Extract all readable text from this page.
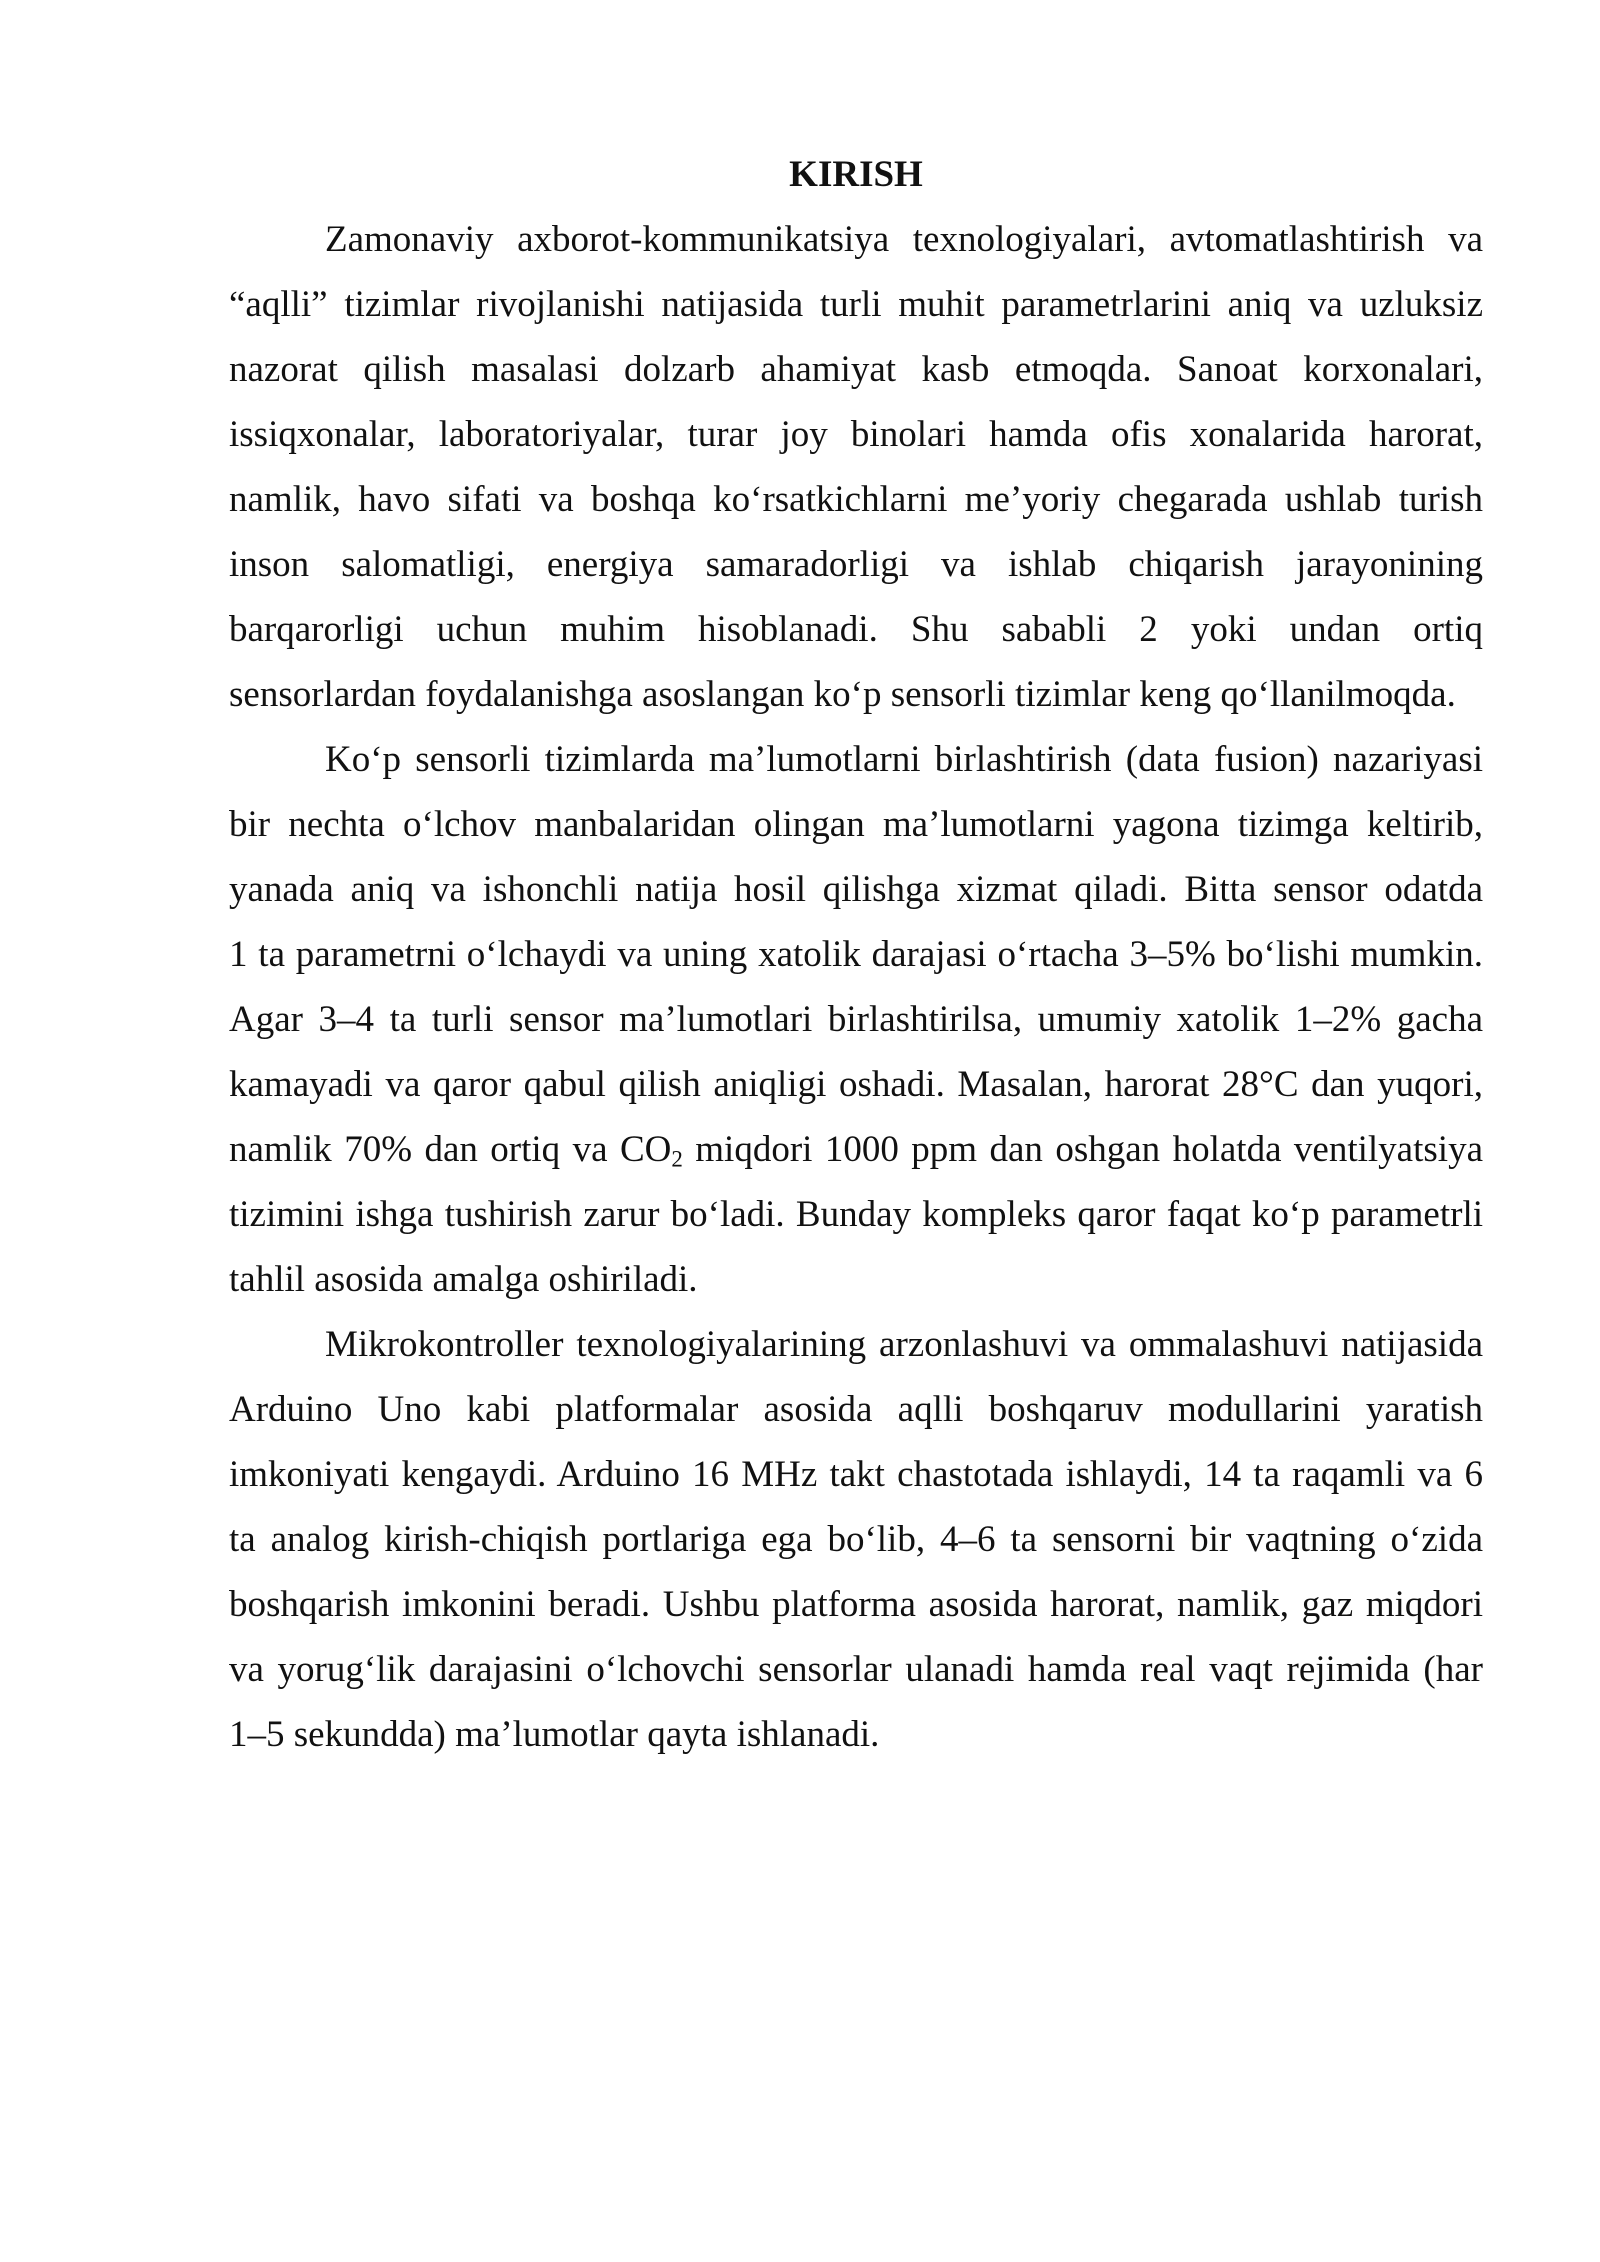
KIRISH
Zamonaviy axborot-kommunikatsiya texnologiyalari, avtomatlashtirish va
“aqlli” tizimlar rivojlanishi natijasida turli muhit parametrlarini aniq va uzluksiz
nazorat qilish masalasi dolzarb ahamiyat kasb etmoqda. Sanoat korxonalari,
issiqxonalar, laboratoriyalar, turar joy binolari hamda ofis xonalarida harorat,
namlik, havo sifati va boshqa ko‘rsatkichlarni me’yoriy chegarada ushlab turish
inson salomatligi, energiya samaradorligi va ishlab chiqarish jarayonining
barqarorligi uchun muhim hisoblanadi. Shu sababli 2 yoki undan ortiq
sensorlardan foydalanishga asoslangan ko‘p sensorli tizimlar keng qo‘llanilmoqda.
Ko‘p sensorli tizimlarda ma’lumotlarni birlashtirish (data fusion) nazariyasi
bir nechta o‘lchov manbalaridan olingan ma’lumotlarni yagona tizimga keltirib,
yanada aniq va ishonchli natija hosil qilishga xizmat qiladi. Bitta sensor odatda
1 ta parametrni o‘lchaydi va uning xatolik darajasi o‘rtacha 3–5% bo‘lishi mumkin.
Agar 3–4 ta turli sensor ma’lumotlari birlashtirilsa, umumiy xatolik 1–2% gacha
kamayadi va qaror qabul qilish aniqligi oshadi. Masalan, harorat 28°C dan yuqori,
namlik 70% dan ortiq va $CO_2$ miqdori 1000 ppm dan oshgan holatda ventilyatsiya
tizimini ishga tushirish zarur bo‘ladi. Bunday kompleks qaror faqat ko‘p parametrli
tahlil asosida amalga oshiriladi.
Mikrokontroller texnologiyalarining arzonlashuvi va ommalashuvi natijasida
Arduino Uno kabi platformalar asosida aqlli boshqaruv modullarini yaratish
imkoniyati kengaydi. Arduino 16 MHz takt chastotada ishlaydi, 14 ta raqamli va 6
ta analog kirish-chiqish portlariga ega bo‘lib, 4–6 ta sensorni bir vaqtning o‘zida
boshqarish imkonini beradi. Ushbu platforma asosida harorat, namlik, gaz miqdori
va yorug‘lik darajasini o‘lchovchi sensorlar ulanadi hamda real vaqt rejimida (har
1–5 sekundda) ma’lumotlar qayta ishlanadi.
